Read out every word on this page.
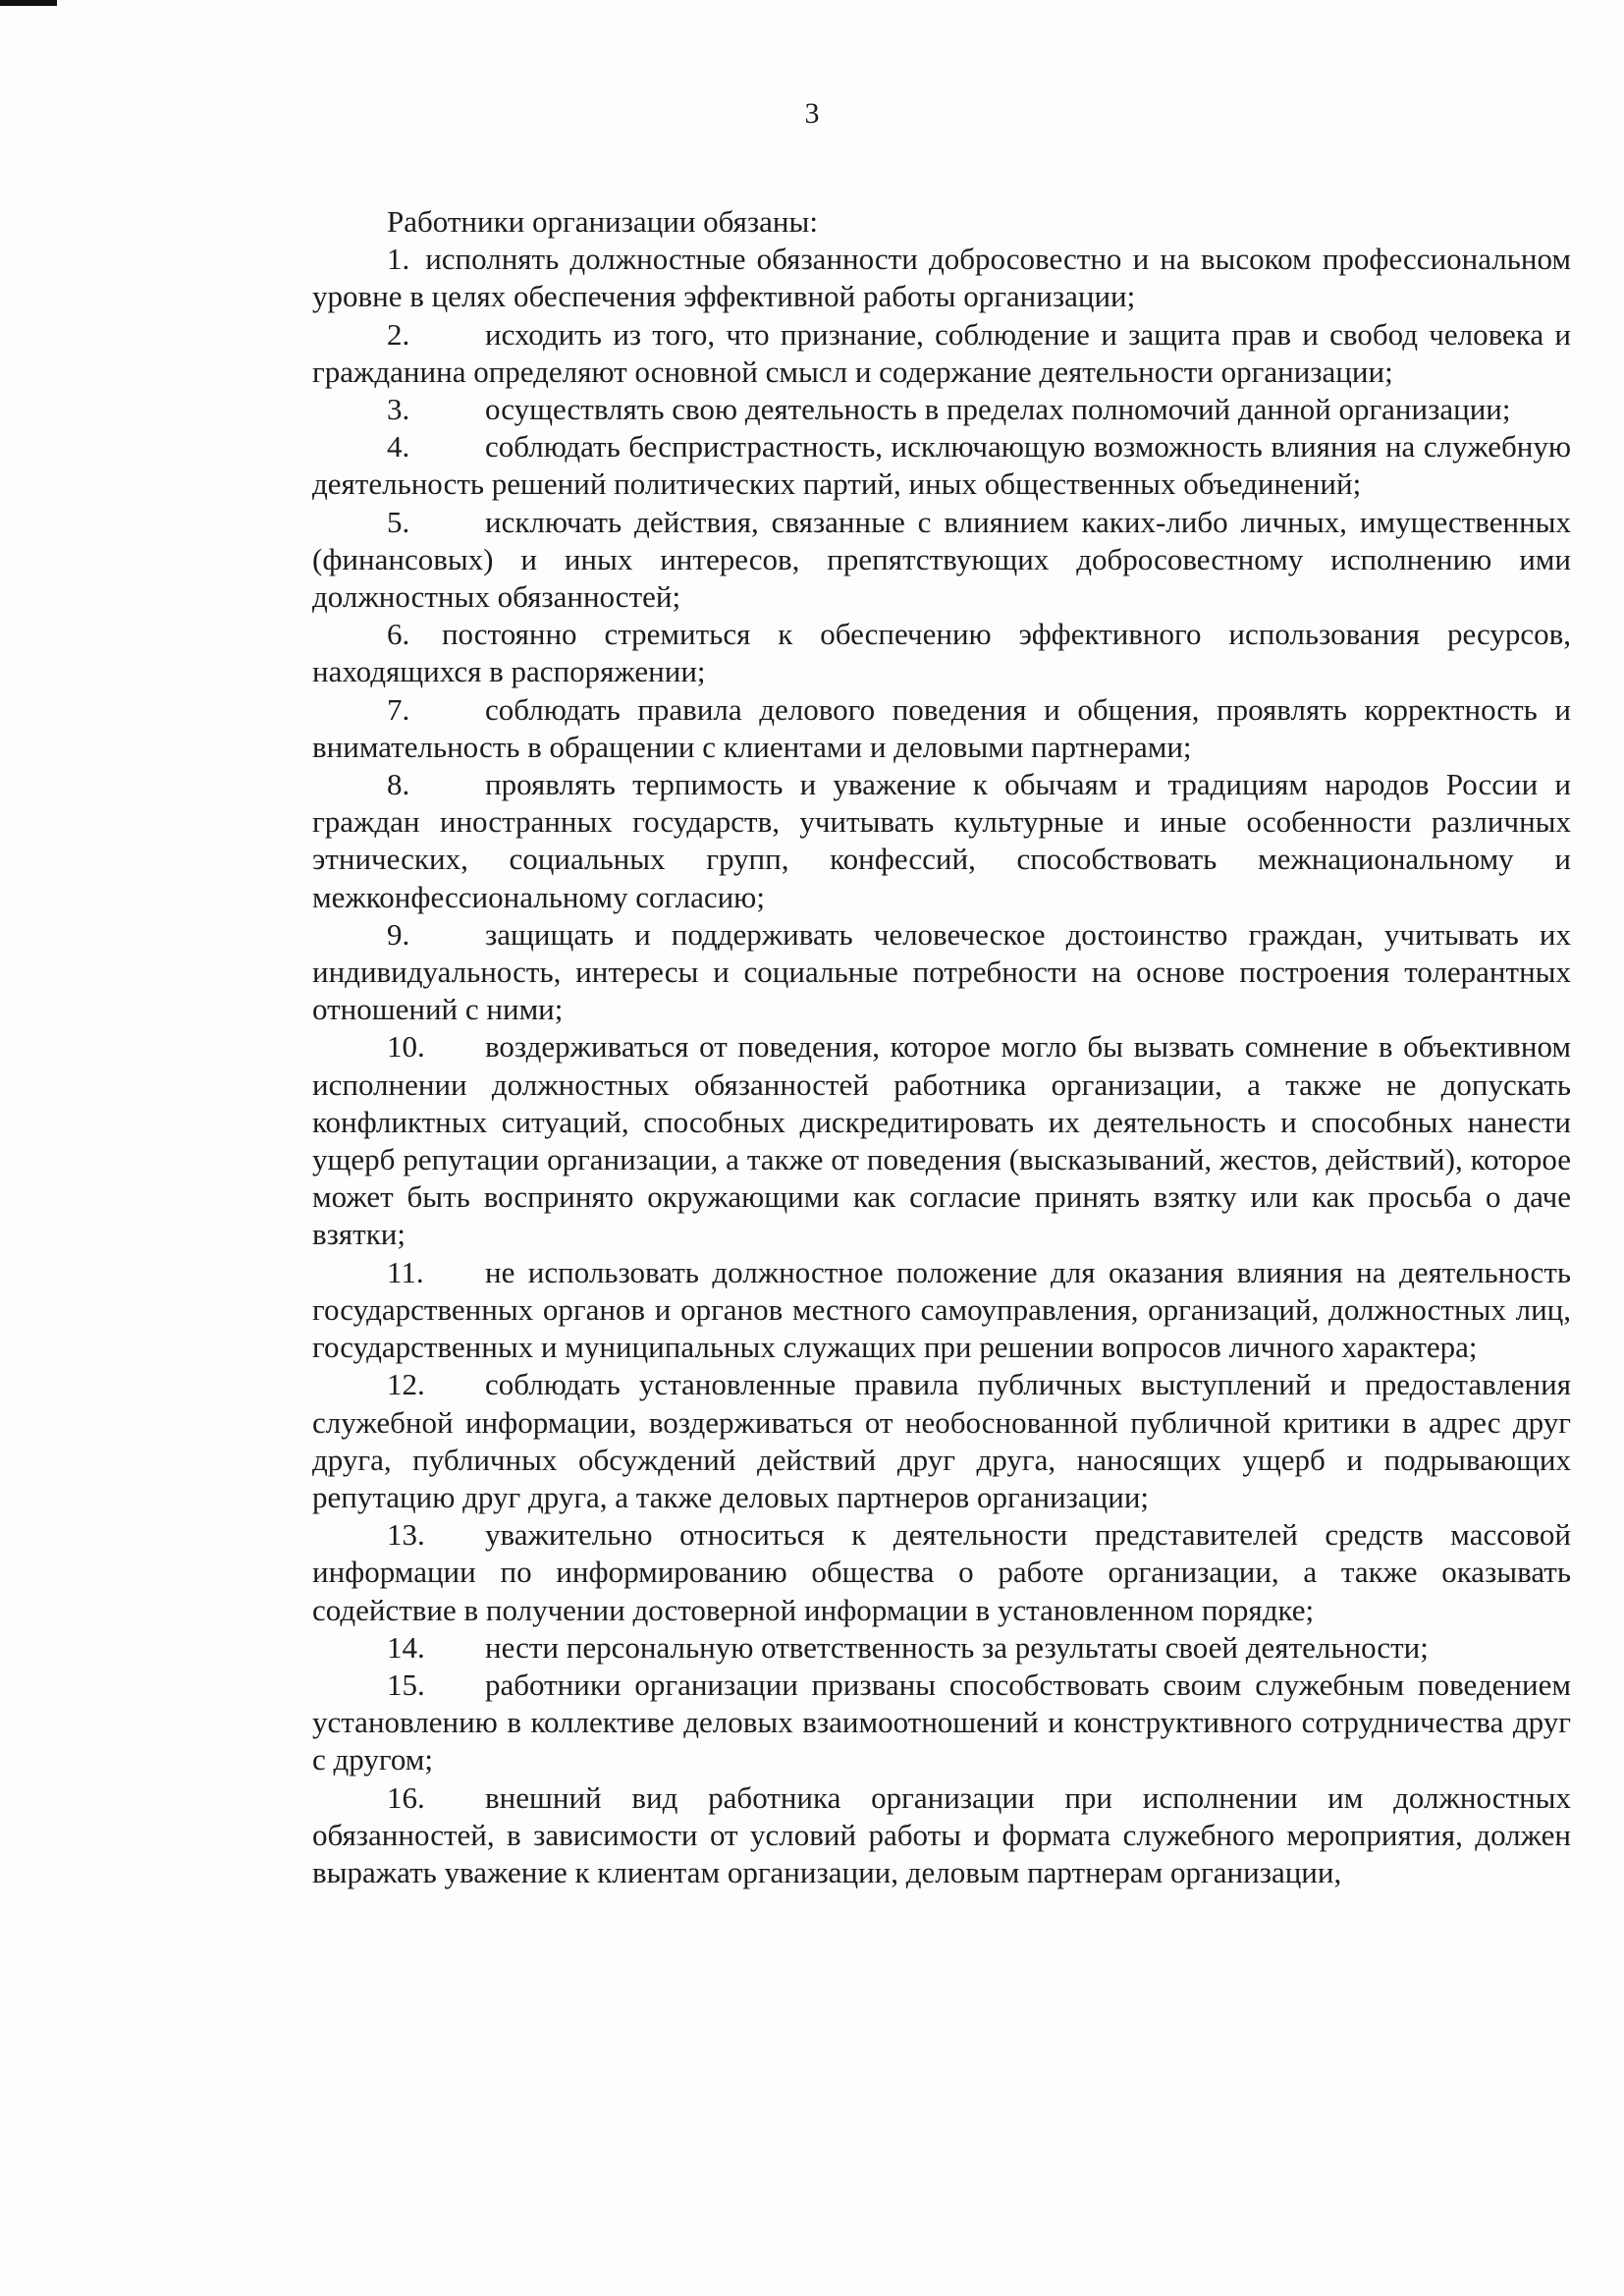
3

Работники организации обязаны:

1. исполнять должностные обязанности добросовестно и на высоком профессиональном уровне в целях обеспечения эффективной работы организации;
2. исходить из того, что признание, соблюдение и защита прав и свобод человека и гражданина определяют основной смысл и содержание деятельности организации;
3. осуществлять свою деятельность в пределах полномочий данной организации;
4. соблюдать беспристрастность, исключающую возможность влияния на служебную деятельность решений политических партий, иных общественных объединений;
5. исключать действия, связанные с влиянием каких-либо личных, имущественных (финансовых) и иных интересов, препятствующих добросовестному исполнению ими должностных обязанностей;
6. постоянно стремиться к обеспечению эффективного использования ресурсов, находящихся в распоряжении;
7. соблюдать правила делового поведения и общения, проявлять корректность и внимательность в обращении с клиентами и деловыми партнерами;
8. проявлять терпимость и уважение к обычаям и традициям народов России и граждан иностранных государств, учитывать культурные и иные особенности различных этнических, социальных групп, конфессий, способствовать межнациональному и межконфессиональному согласию;
9. защищать и поддерживать человеческое достоинство граждан, учитывать их индивидуальность, интересы и социальные потребности на основе построения толерантных отношений с ними;
10. воздерживаться от поведения, которое могло бы вызвать сомнение в объективном исполнении должностных обязанностей работника организации, а также не допускать конфликтных ситуаций, способных дискредитировать их деятельность и способных нанести ущерб репутации организации, а также от поведения (высказываний, жестов, действий), которое может быть воспринято окружающими как согласие принять взятку или как просьба о даче взятки;
11. не использовать должностное положение для оказания влияния на деятельность государственных органов и органов местного самоуправления, организаций, должностных лиц, государственных и муниципальных служащих при решении вопросов личного характера;
12. соблюдать установленные правила публичных выступлений и предоставления служебной информации, воздерживаться от необоснованной публичной критики в адрес друг друга, публичных обсуждений действий друг друга, наносящих ущерб и подрывающих репутацию друг друга, а также деловых партнеров организации;
13. уважительно относиться к деятельности представителей средств массовой информации по информированию общества о работе организации, а также оказывать содействие в получении достоверной информации в установленном порядке;
14. нести персональную ответственность за результаты своей деятельности;
15. работники организации призваны способствовать своим служебным поведением установлению в коллективе деловых взаимоотношений и конструктивного сотрудничества друг с другом;
16. внешний вид работника организации при исполнении им должностных обязанностей, в зависимости от условий работы и формата служебного мероприятия, должен выражать уважение к клиентам организации, деловым партнерам организации,
